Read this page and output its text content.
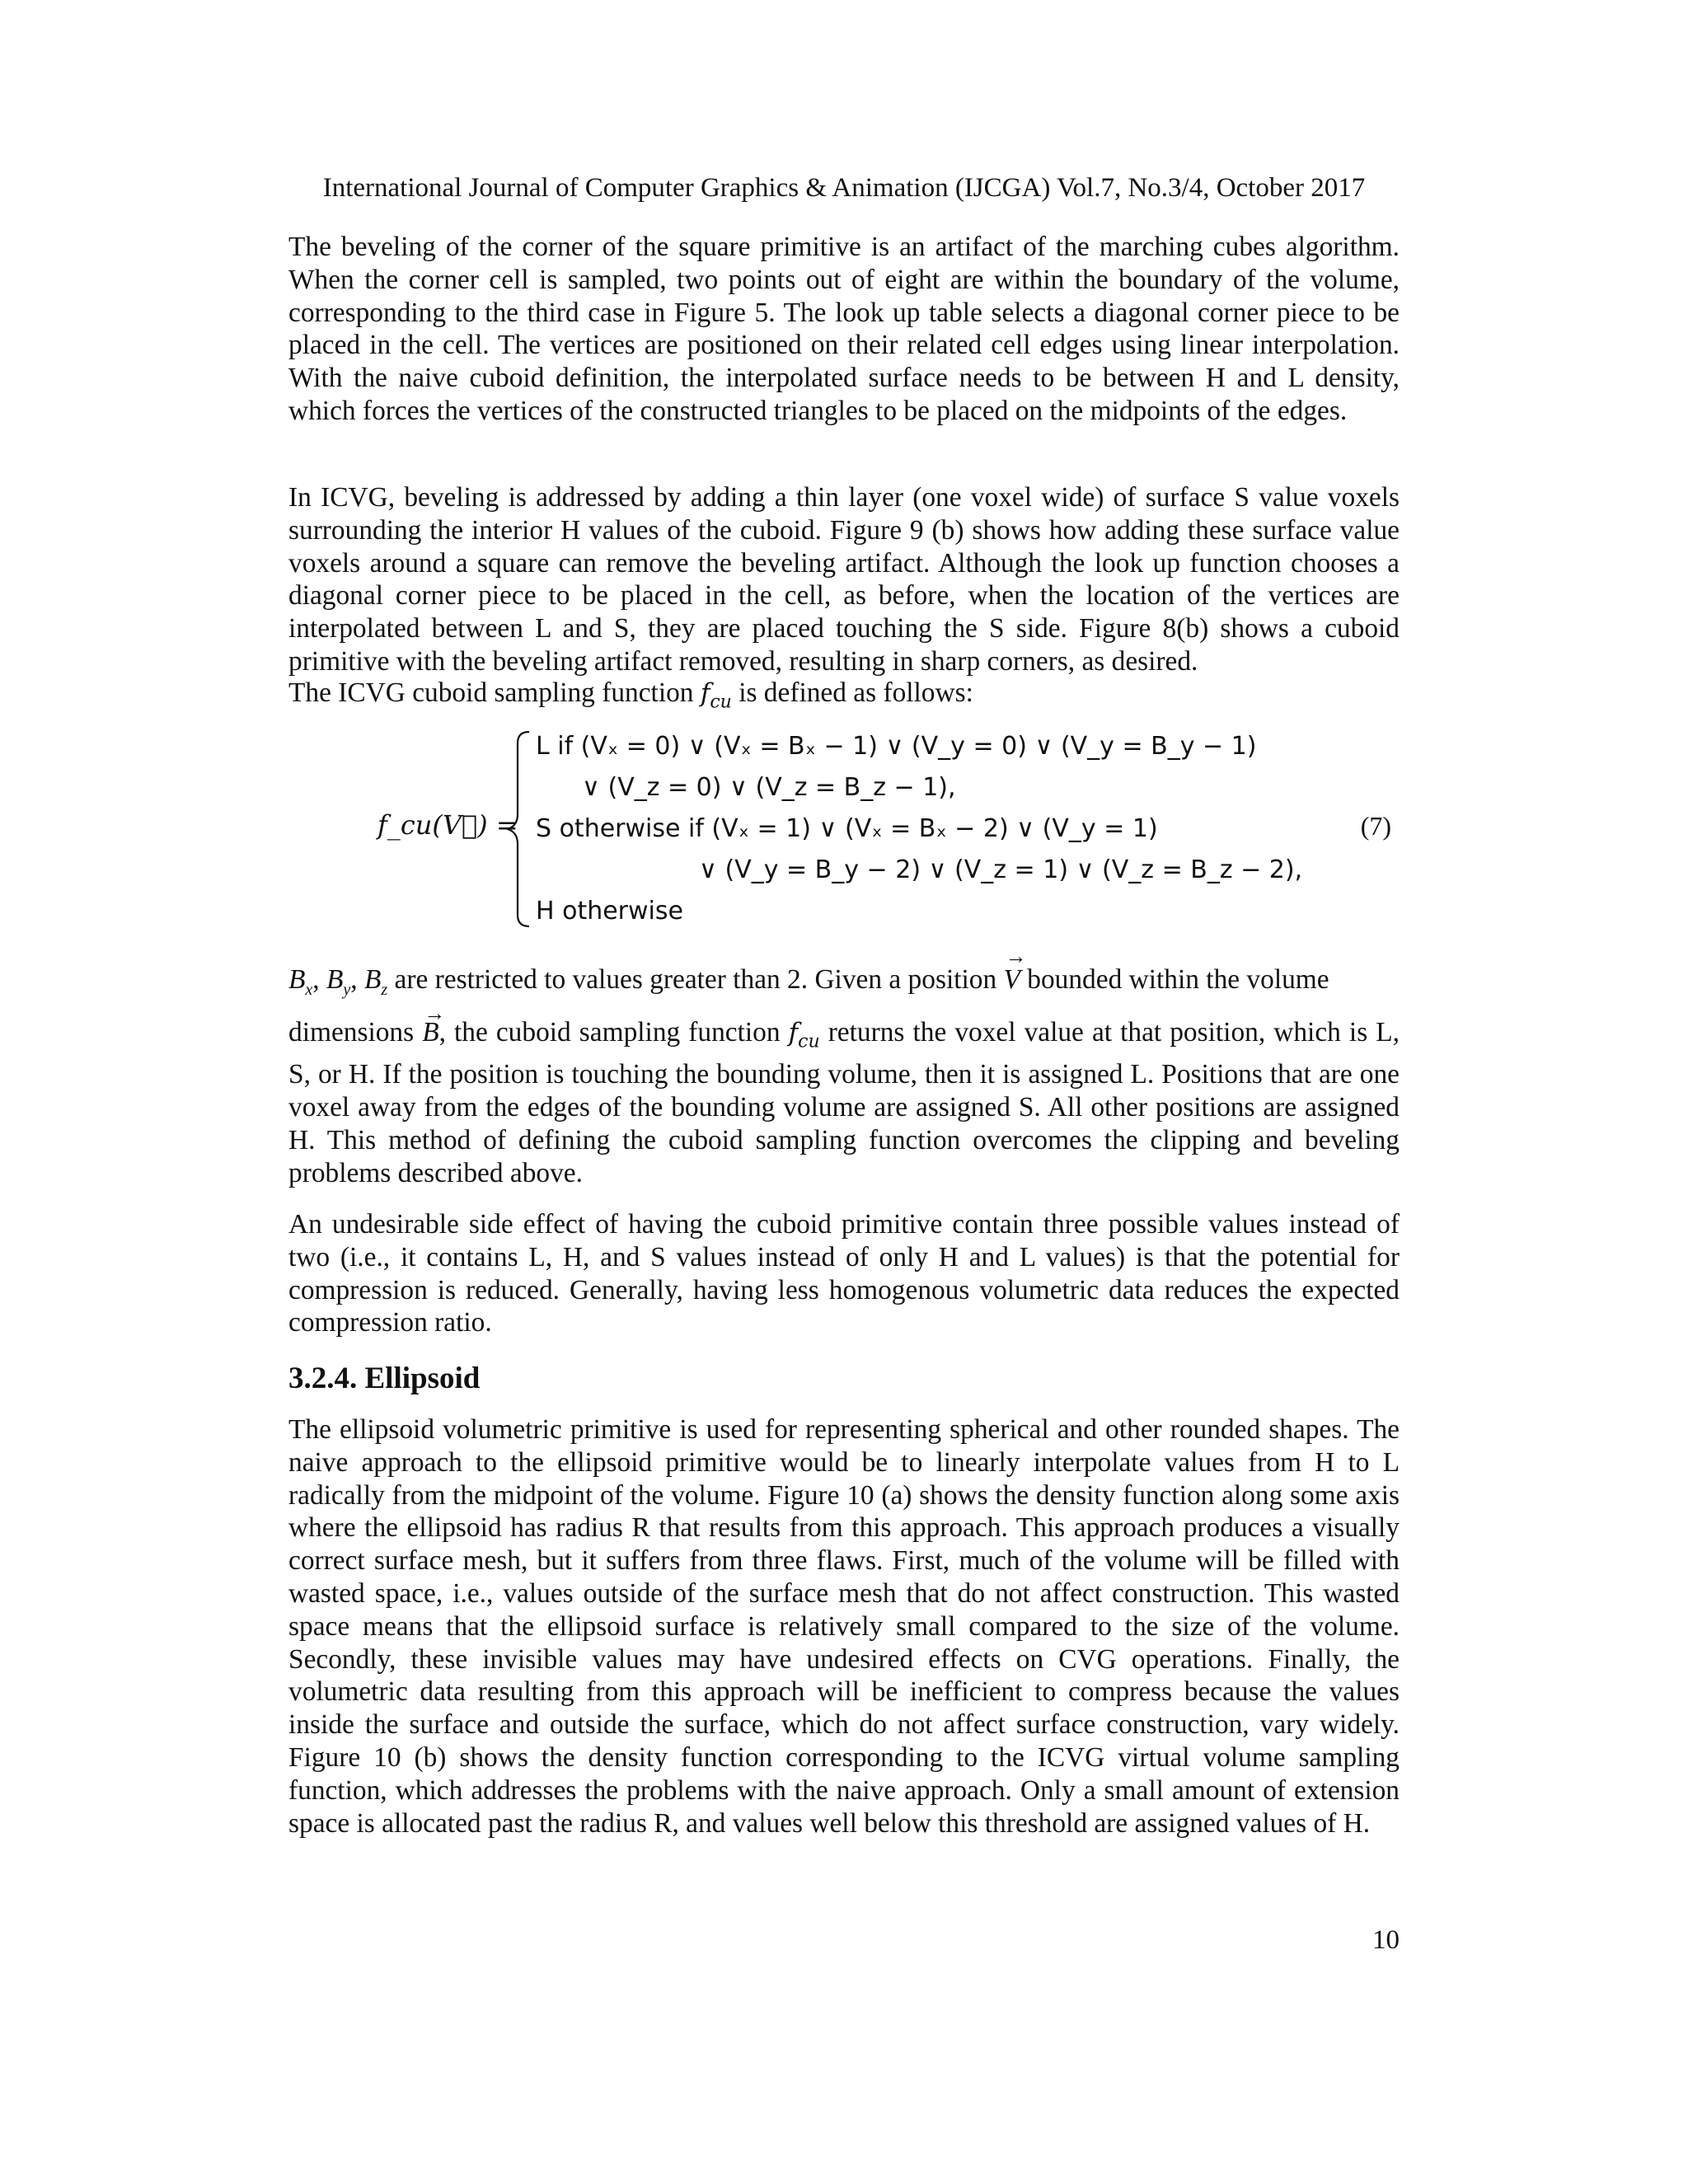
International Journal of Computer Graphics & Animation (IJCGA) Vol.7, No.3/4, October 2017

The beveling of the corner of the square primitive is an artifact of the marching cubes algorithm. When the corner cell is sampled, two points out of eight are within the boundary of the volume, corresponding to the third case in Figure 5. The look up table selects a diagonal corner piece to be placed in the cell. The vertices are positioned on their related cell edges using linear interpolation. With the naive cuboid definition, the interpolated surface needs to be between H and L density, which forces the vertices of the constructed triangles to be placed on the midpoints of the edges.

In ICVG, beveling is addressed by adding a thin layer (one voxel wide) of surface S value voxels surrounding the interior H values of the cuboid. Figure 9 (b) shows how adding these surface value voxels around a square can remove the beveling artifact. Although the look up function chooses a diagonal corner piece to be placed in the cell, as before, when the location of the vertices are interpolated between L and S, they are placed touching the S side. Figure 8(b) shows a cuboid primitive with the beveling artifact removed, resulting in sharp corners, as desired.

The ICVG cuboid sampling function $f_{cu}$ is defined as follows:
f_cu(V⃗) =
L if (Vₓ = 0) ∨ (Vₓ = Bₓ − 1) ∨ (V_y = 0) ∨ (V_y = B_y − 1)
∨ (V_z = 0) ∨ (V_z = B_z − 1),
S otherwise if (Vₓ = 1) ∨ (Vₓ = Bₓ − 2) ∨ (V_y = 1)
∨ (V_y = B_y − 2) ∨ (V_z = 1) ∨ (V_z = B_z − 2),
H otherwise
(7)
$B_x$, $B_y$, $B_z$ are restricted to values greater than 2. Given a position
→
V bounded within the volume
dimensions
→
B, the cuboid sampling function $f_{cu}$ returns the voxel value at that position, which is L, S, or H. If the position is touching the bounding volume, then it is assigned L. Positions that are one voxel away from the edges of the bounding volume are assigned S. All other positions are assigned H. This method of defining the cuboid sampling function overcomes the clipping and beveling problems described above.

An undesirable side effect of having the cuboid primitive contain three possible values instead of two (i.e., it contains L, H, and S values instead of only H and L values) is that the potential for compression is reduced. Generally, having less homogenous volumetric data reduces the expected compression ratio.

3.2.4. Ellipsoid

The ellipsoid volumetric primitive is used for representing spherical and other rounded shapes. The naive approach to the ellipsoid primitive would be to linearly interpolate values from H to L radically from the midpoint of the volume. Figure 10 (a) shows the density function along some axis where the ellipsoid has radius R that results from this approach. This approach produces a visually correct surface mesh, but it suffers from three flaws. First, much of the volume will be filled with wasted space, i.e., values outside of the surface mesh that do not affect construction. This wasted space means that the ellipsoid surface is relatively small compared to the size of the volume. Secondly, these invisible values may have undesired effects on CVG operations. Finally, the volumetric data resulting from this approach will be inefficient to compress because the values inside the surface and outside the surface, which do not affect surface construction, vary widely. Figure 10 (b) shows the density function corresponding to the ICVG virtual volume sampling function, which addresses the problems with the naive approach. Only a small amount of extension space is allocated past the radius R, and values well below this threshold are assigned values of H.

10
